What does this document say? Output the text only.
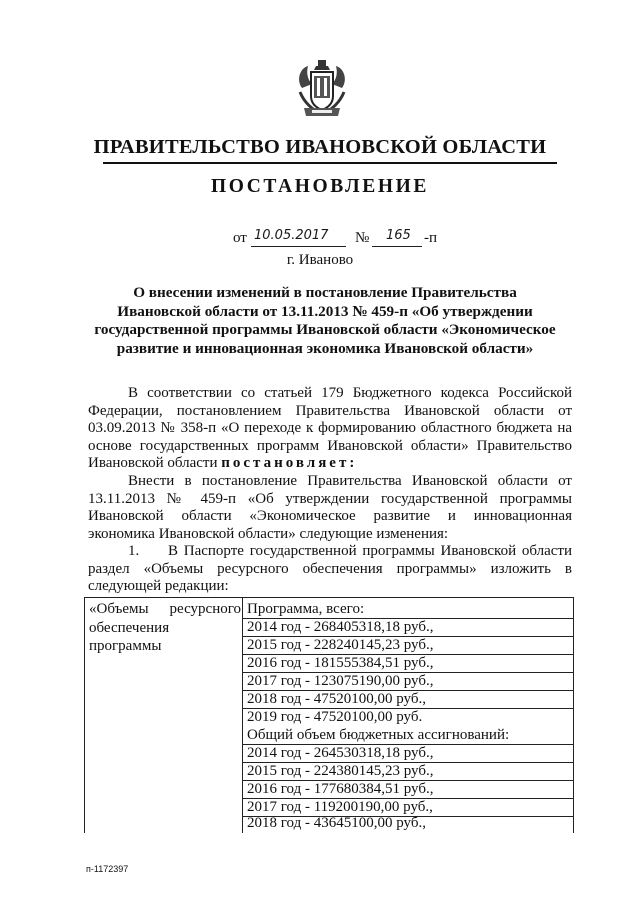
ПРАВИТЕЛЬСТВО ИВАНОВСКОЙ ОБЛАСТИ
ПОСТАНОВЛЕНИЕ
от 10.05.2017 № 165 -п
г. Иваново
О внесении изменений в постановление Правительства
Ивановской области от 13.11.2013 № 459-п «Об утверждении
государственной программы Ивановской области «Экономическое
развитие и инновационная экономика Ивановской области»
В соответствии со статьей 179 Бюджетного кодекса Российской
Федерации, постановлением Правительства Ивановской области от
03.09.2013 № 358-п «О переходе к формированию областного бюджета на
основе государственных программ Ивановской области» Правительство
Ивановской области постановляет:
Внести в постановление Правительства Ивановской области от
13.11.2013 № 459-п «Об утверждении государственной программы
Ивановской области «Экономическое развитие и инновационная
экономика Ивановской области» следующие изменения:
1. В Паспорте государственной программы Ивановской области
раздел «Объемы ресурсного обеспечения программы» изложить в
следующей редакции:
«Объемы ресурсного
обеспечения
программы
Программа, всего:
2014 год - 268405318,18 руб.,
2015 год - 228240145,23 руб.,
2016 год - 181555384,51 руб.,
2017 год - 123075190,00 руб.,
2018 год - 47520100,00 руб.,
2019 год - 47520100,00 руб.
Общий объем бюджетных ассигнований:
2014 год - 264530318,18 руб.,
2015 год - 224380145,23 руб.,
2016 год - 177680384,51 руб.,
2017 год - 119200190,00 руб.,
2018 год - 43645100,00 руб.,
п-1172397
